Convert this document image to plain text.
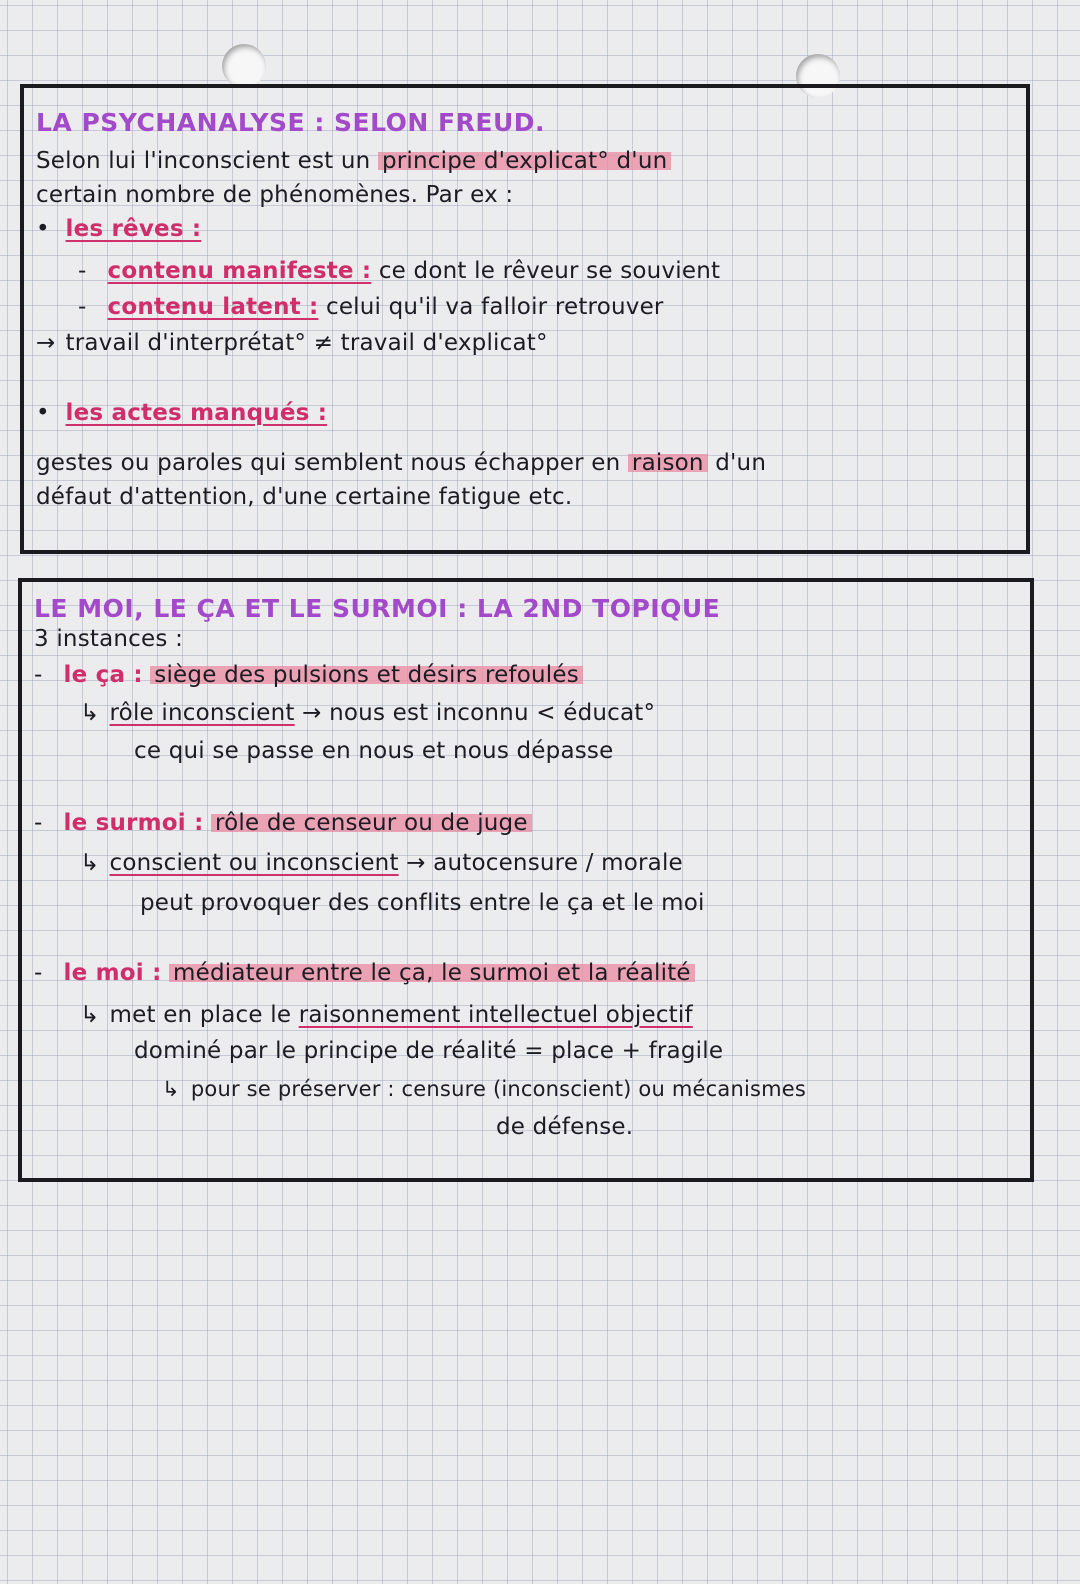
LA PSYCHANALYSE : SELON FREUD.
Selon lui l'inconscient est un principe d'explicat° d'un
certain nombre de phénomènes. Par ex :
• les rêves :
- contenu manifeste : ce dont le rêveur se souvient
- contenu latent : celui qu'il va falloir retrouver
→ travail d'interprétat° ≠ travail d'explicat°
• les actes manqués :
gestes ou paroles qui semblent nous échapper en raison d'un
défaut d'attention, d'une certaine fatigue etc.
LE MOI, LE ÇA ET LE SURMOI : LA 2ND TOPIQUE
3 instances :
- le ça : siège des pulsions et désirs refoulés
↳ rôle inconscient → nous est inconnu < éducat°
ce qui se passe en nous et nous dépasse
- le surmoi : rôle de censeur ou de juge
↳ conscient ou inconscient → autocensure / morale
peut provoquer des conflits entre le ça et le moi
- le moi : médiateur entre le ça, le surmoi et la réalité
↳ met en place le raisonnement intellectuel objectif
dominé par le principe de réalité = place + fragile
↳ pour se préserver : censure (inconscient) ou mécanismes
de défense.
